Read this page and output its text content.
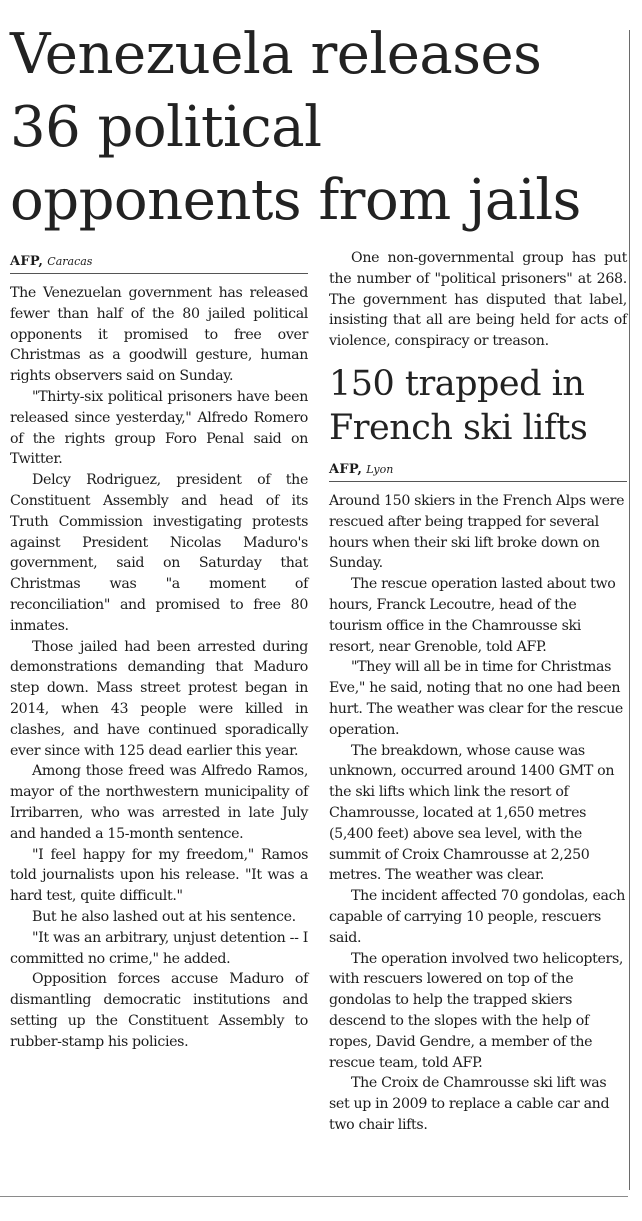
Venezuela releases 36 political opponents from jails

AFP, Caracas

The Venezuelan government has released fewer than half of the 80 jailed political opponents it promised to free over Christmas as a goodwill gesture, human rights observers said on Sunday.

"Thirty-six political prisoners have been released since yesterday," Alfredo Romero of the rights group Foro Penal said on Twitter.

Delcy Rodriguez, president of the Constituent Assembly and head of its Truth Commission investigating protests against President Nicolas Maduro's government, said on Saturday that Christmas was "a moment of reconciliation" and promised to free 80 inmates.

Those jailed had been arrested during demonstrations demanding that Maduro step down. Mass street protest began in 2014, when 43 people were killed in clashes, and have continued sporadically ever since with 125 dead earlier this year.

Among those freed was Alfredo Ramos, mayor of the northwestern municipality of Irribarren, who was arrested in late July and handed a 15-month sentence.

"I feel happy for my freedom," Ramos told journalists upon his release. "It was a hard test, quite difficult."

But he also lashed out at his sentence.

"It was an arbitrary, unjust detention -- I committed no crime," he added.

Opposition forces accuse Maduro of dismantling democratic institutions and setting up the Constituent Assembly to rubber-stamp his policies.

One non-governmental group has put the number of "political prisoners" at 268. The government has disputed that label, insisting that all are being held for acts of violence, conspiracy or treason.

150 trapped in French ski lifts

AFP, Lyon

Around 150 skiers in the French Alps were rescued after being trapped for several hours when their ski lift broke down on Sunday.

The rescue operation lasted about two hours, Franck Lecoutre, head of the tourism office in the Chamrousse ski resort, near Grenoble, told AFP.

"They will all be in time for Christmas Eve," he said, noting that no one had been hurt. The weather was clear for the rescue operation.

The breakdown, whose cause was unknown, occurred around 1400 GMT on the ski lifts which link the resort of Chamrousse, located at 1,650 metres (5,400 feet) above sea level, with the summit of Croix Chamrousse at 2,250 metres. The weather was clear.

The incident affected 70 gondolas, each capable of carrying 10 people, rescuers said.

The operation involved two helicopters, with rescuers lowered on top of the gondolas to help the trapped skiers descend to the slopes with the help of ropes, David Gendre, a member of the rescue team, told AFP.

The Croix de Chamrousse ski lift was set up in 2009 to replace a cable car and two chair lifts.
